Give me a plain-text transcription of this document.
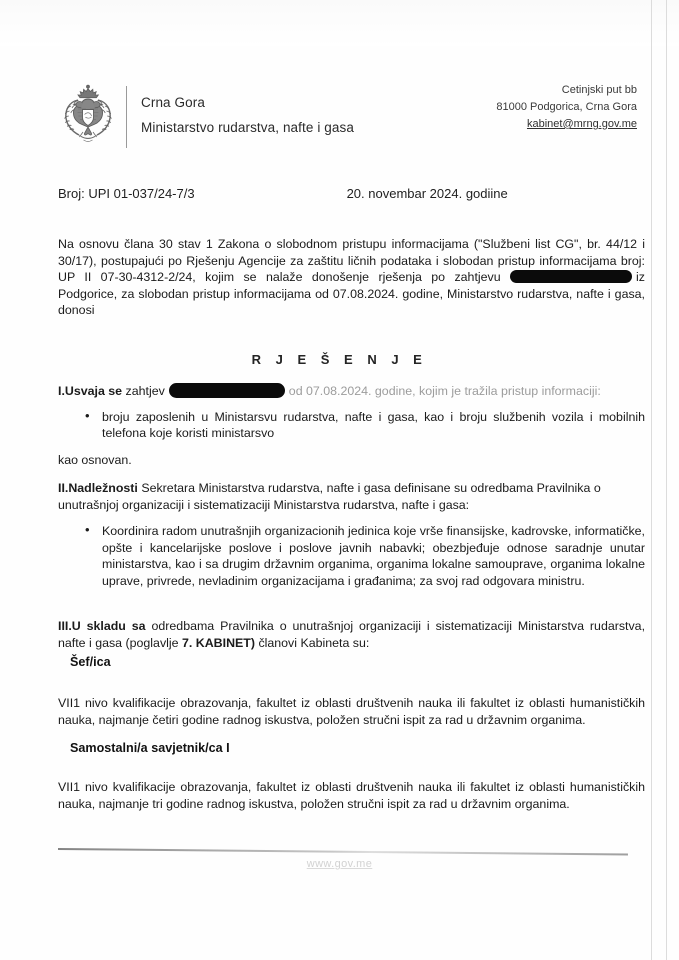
Crna Gora
Ministarstvo rudarstva, nafte i gasa
Cetinjski put bb
81000 Podgorica, Crna Gora
kabinet@mrng.gov.me
Broj: UPI 01-037/24-7/3	20. novembar 2024. godiine

Na osnovu člana 30 stav 1 Zakona o slobodnom pristupu informacijama ("Službeni list CG", br. 44/12 i 30/17), postupajući po Rješenju Agencije za zaštitu ličnih podataka i slobodan pristup informacijama broj: UP II 07-30-4312-2/24, kojim se nalaže donošenje rješenja po zahtjevu	iz Podgorice, za slobodan pristup informacijama od 07.08.2024. godine, Ministarstvo rudarstva, nafte i gasa, donosi

R J E Š E N J E

I.Usvaja se zahtjev	od 07.08.2024. godine, kojim je tražila pristup informaciji:

• broju zaposlenih u Ministarsvu rudarstva, nafte i gasa, kao i broju službenih vozila i mobilnih telefona koje koristi ministarsvo
kao osnovan.

II.Nadležnosti Sekretara Ministarstva rudarstva, nafte i gasa definisane su odredbama Pravilnika o unutrašnjoj organizaciji i sistematizaciji Ministarstva rudarstva, nafte i gasa:

• Koordinira radom unutrašnjih organizacionih jedinica koje vrše finansijske, kadrovske, informatičke, opšte i kancelarijske poslove i poslove javnih nabavki; obezbjeđuje odnose saradnje unutar ministarstva, kao i sa drugim državnim organima, organima lokalne samouprave, organima lokalne uprave, privrede, nevladinim organizacijama i građanima; za svoj rad odgovara ministru.

III.U skladu sa odredbama Pravilnika o unutrašnjoj organizaciji i sistematizaciji Ministarstva rudarstva, nafte i gasa (poglavlje 7. KABINET) članovi Kabineta su:

Šef/ica

VII1 nivo kvalifikacije obrazovanja, fakultet iz oblasti društvenih nauka ili fakultet iz oblasti humanističkih nauka, najmanje četiri godine radnog iskustva, položen stručni ispit za rad u državnim organima.

Samostalni/a savjetnik/ca I

VII1 nivo kvalifikacije obrazovanja, fakultet iz oblasti društvenih nauka ili fakultet iz oblasti humanističkih nauka, najmanje tri godine radnog iskustva, položen stručni ispit za rad u državnim organima.

www.gov.me
